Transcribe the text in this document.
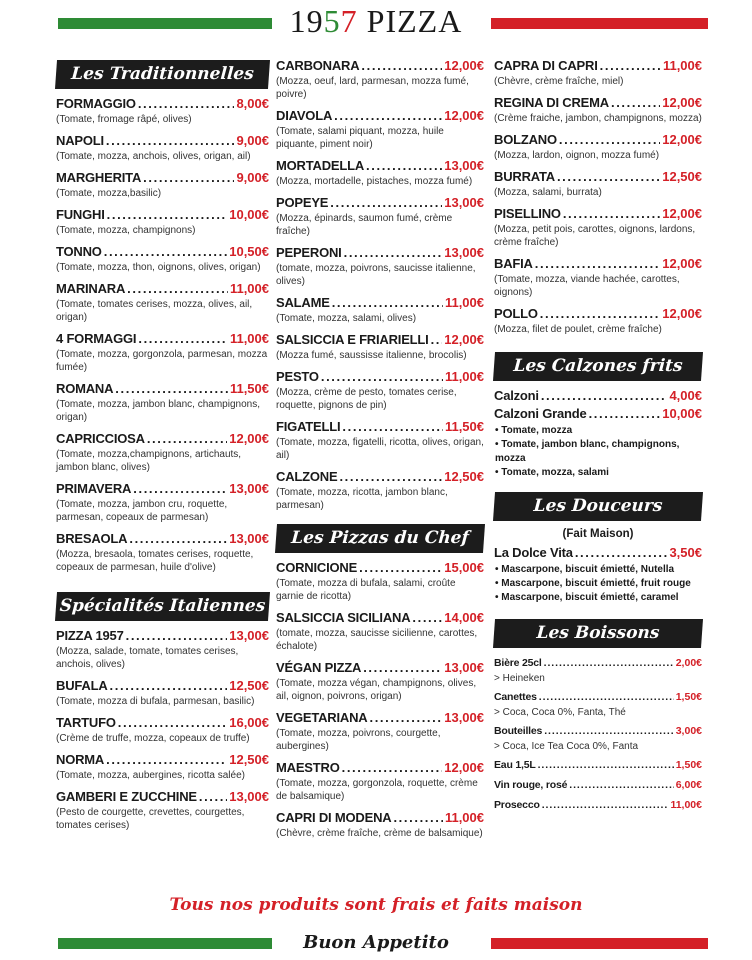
1957 PIZZA
Les Traditionnelles
FORMAGGIO . . .	8,00€
(Tomate, fromage râpé, olives)
NAPOLI . . .	9,00€
(Tomate, mozza, anchois, olives, origan, ail)
MARGHERITA . . .	9,00€
(Tomate, mozza,basilic)
FUNGHI . . .	10,00€
(Tomate, mozza, champignons)
TONNO . . .	10,50€
(Tomate, mozza, thon, oignons, olives, origan)
MARINARA . . .	11,00€
(Tomate, tomates cerises, mozza, olives, ail, origan)
4 FORMAGGI . . .	11,00€
(Tomate, mozza, gorgonzola, parmesan, mozza fumée)
ROMANA . . .	11,50€
(Tomate, mozza, jambon blanc, champignons, origan)
CAPRICCIOSA . . .	12,00€
(Tomate, mozza,champignons, artichauts, jambon blanc, olives)
PRIMAVERA . . .	13,00€
(Tomate, mozza, jambon cru, roquette, parmesan, copeaux de parmesan)
BRESAOLA . . .	13,00€
(Mozza, bresaola, tomates cerises, roquette, copeaux de parmesan, huile d'olive)
Spécialités Italiennes
PIZZA 1957 . . .	13,00€
(Mozza, salade, tomate, tomates cerises, anchois, olives)
BUFALA . . .	12,50€
(Tomate, mozza di bufala, parmesan, basilic)
TARTUFO . . .	16,00€
(Crème de truffe, mozza, copeaux de truffe)
NORMA . . .	12,50€
(Tomate, mozza, aubergines, ricotta salée)
GAMBERI E ZUCCHINE . . . 13,00€
(Pesto de courgette, crevettes, courgettes, tomates cerises)
CARBONARA . . .	12,00€
(Mozza, oeuf, lard, parmesan, mozza fumé, poivre)
DIAVOLA . . .	12,00€
(Tomate, salami piquant, mozza, huile piquante, piment noir)
MORTADELLA . . .	13,00€
(Mozza, mortadelle, pistaches, mozza fumé)
POPEYE . . .	13,00€
(Mozza, épinards, saumon fumé, crème fraîche)
PEPERONI . . .	13,00€
(tomate, mozza, poivrons, saucisse italienne, olives)
SALAME . . .	11,00€
(Tomate, mozza, salami, olives)
SALSICCIA E FRIARIELLI . . . 12,00€
(Mozza fumé, saussisse italienne, brocolis)
PESTO . . .	11,00€
(Mozza, crème de pesto, tomates cerise, roquette, pignons de pin)
FIGATELLI . . .	11,50€
(Tomate, mozza, figatelli, ricotta, olives, origan, ail)
CALZONE . . .	12,50€
(Tomate, mozza, ricotta, jambon blanc, parmesan)
Les Pizzas du Chef
CORNICIONE . . .	15,00€
(Tomate, mozza di bufala, salami, croûte garnie de ricotta)
SALSICCIA SICILIANA . . .	14,00€
(tomate, mozza, saucisse sicilienne, carottes, échalote)
VÉGAN PIZZA . . .	13,00€
(Tomate, mozza végan, champignons, olives, ail, oignon, poivrons, origan)
VEGETARIANA . . .	13,00€
(Tomate, mozza, poivrons, courgette, aubergines)
MAESTRO . . .	12,00€
(Tomate, mozza, gorgonzola, roquette, crème de balsamique)
CAPRI DI MODENA . . .	11,00€
(Chèvre, crème fraîche, crème de balsamique)
CAPRA DI CAPRI . . .	11,00€
(Chèvre, crème fraîche, miel)
REGINA DI CREMA . . .	12,00€
(Crème fraiche, jambon, champignons, mozza)
BOLZANO . . .	12,00€
(Mozza, lardon, oignon, mozza fumé)
BURRATA . . .	12,50€
(Mozza, salami, burrata)
PISELLINO . . .	12,00€
(Mozza, petit pois, carottes, oignons, lardons, crème fraîche)
BAFIA . . .	12,00€
(Tomate, mozza, viande hachée, carottes, oignons)
POLLO . . .	12,00€
(Mozza, filet de poulet, crème fraîche)
Les Calzones frits
Calzoni . . .	4,00€
Calzoni Grande . . .	10,00€
• Tomate, mozza
• Tomate, jambon blanc, champignons, mozza
• Tomate, mozza, salami
Les Douceurs
(Fait Maison)
La Dolce Vita . . .	3,50€
• Mascarpone, biscuit émietté, Nutella
• Mascarpone, biscuit émietté, fruit rouge
• Mascarpone, biscuit émietté, caramel
Les Boissons
Bière 25cl . . .	2,00€
> Heineken
Canettes . . .	1,50€
> Coca, Coca 0%, Fanta, Thé
Bouteilles . . .	3,00€
> Coca, Ice Tea Coca 0%, Fanta
Eau 1,5L . . .	1,50€
Vin rouge, rosé . . .	6,00€
Prosecco . . .	11,00€
Tous nos produits sont frais et faits maison
Buon Appetito
